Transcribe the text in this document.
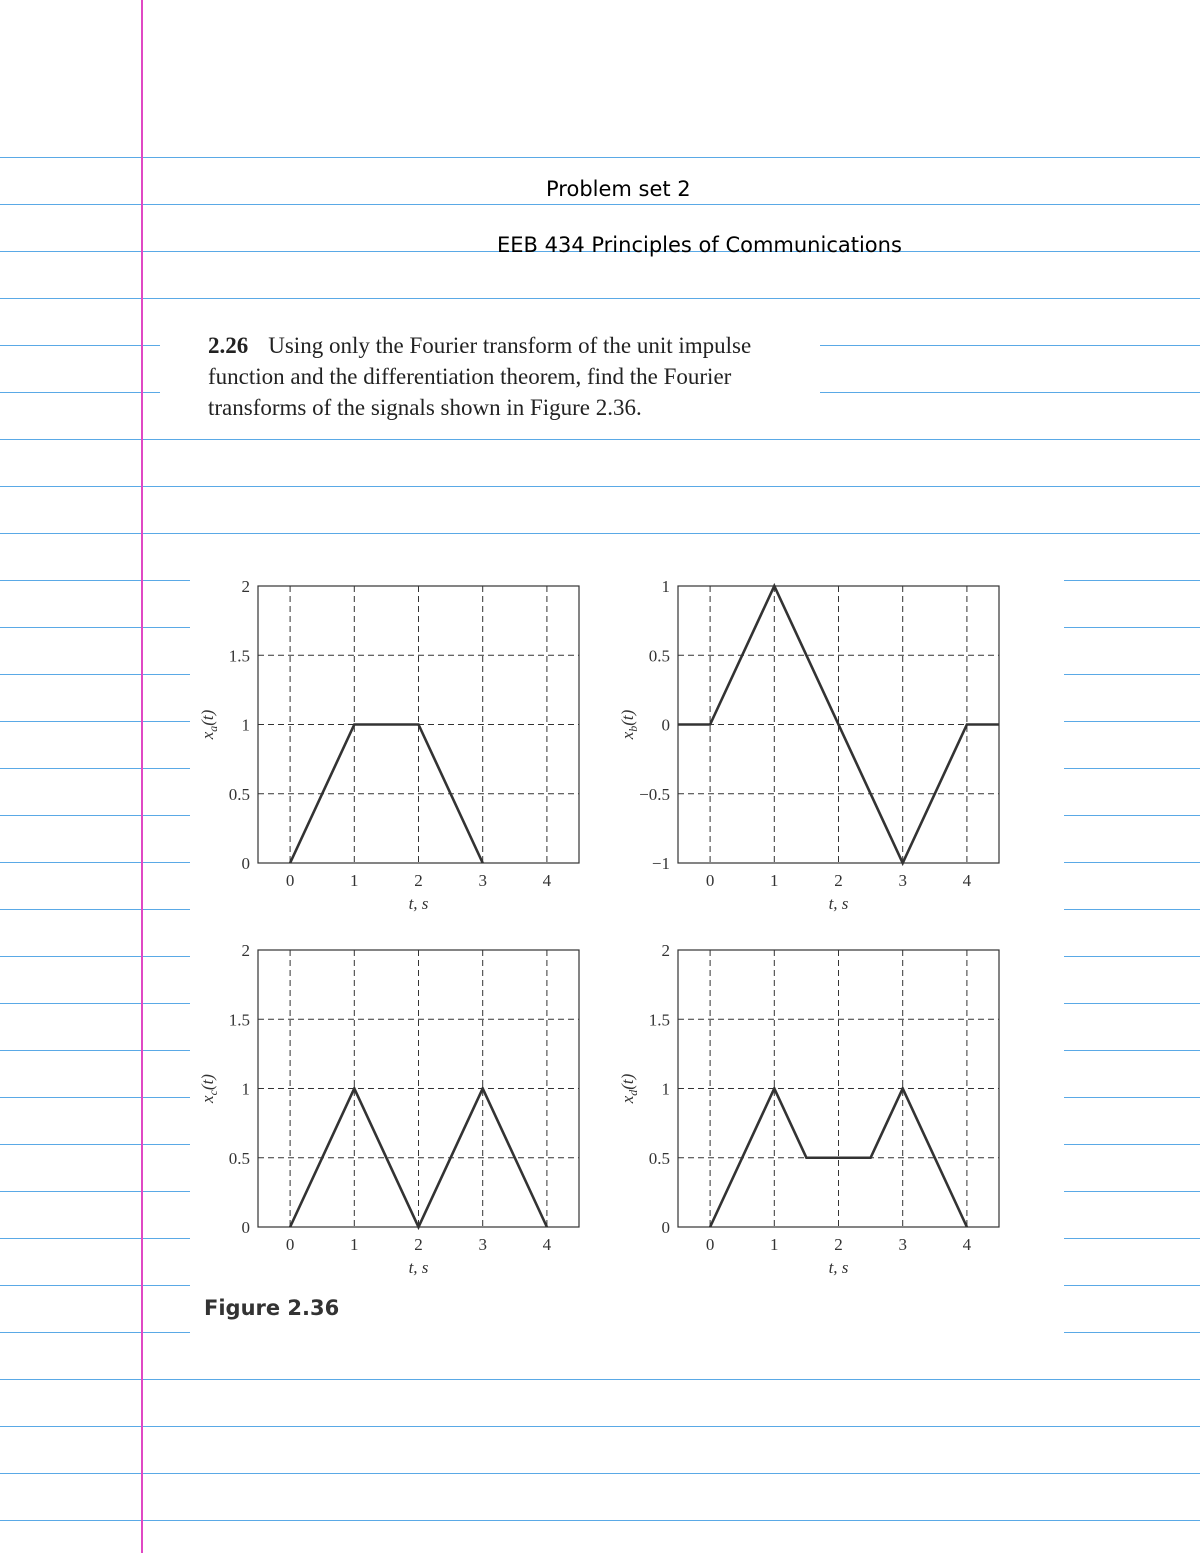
Problem set 2
EEB 434 Principles of Communications
2.26 Using only the Fourier transform of the unit impulse function and the differentiation theorem, find the Fourier transforms of the signals shown in Figure 2.36.
0	1	2	3	4
0
0.5
1
1.5
2
t, s
$x_a(t)$
0	1	2	3	4
−1
−0.5
0
0.5
1
t, s
$x_b(t)$
0	1	2	3	4
0
0.5
1
1.5
2
t, s
$x_c(t)$
0	1	2	3	4
0
0.5
1
1.5
2
t, s
$x_d(t)$
Figure 2.36
